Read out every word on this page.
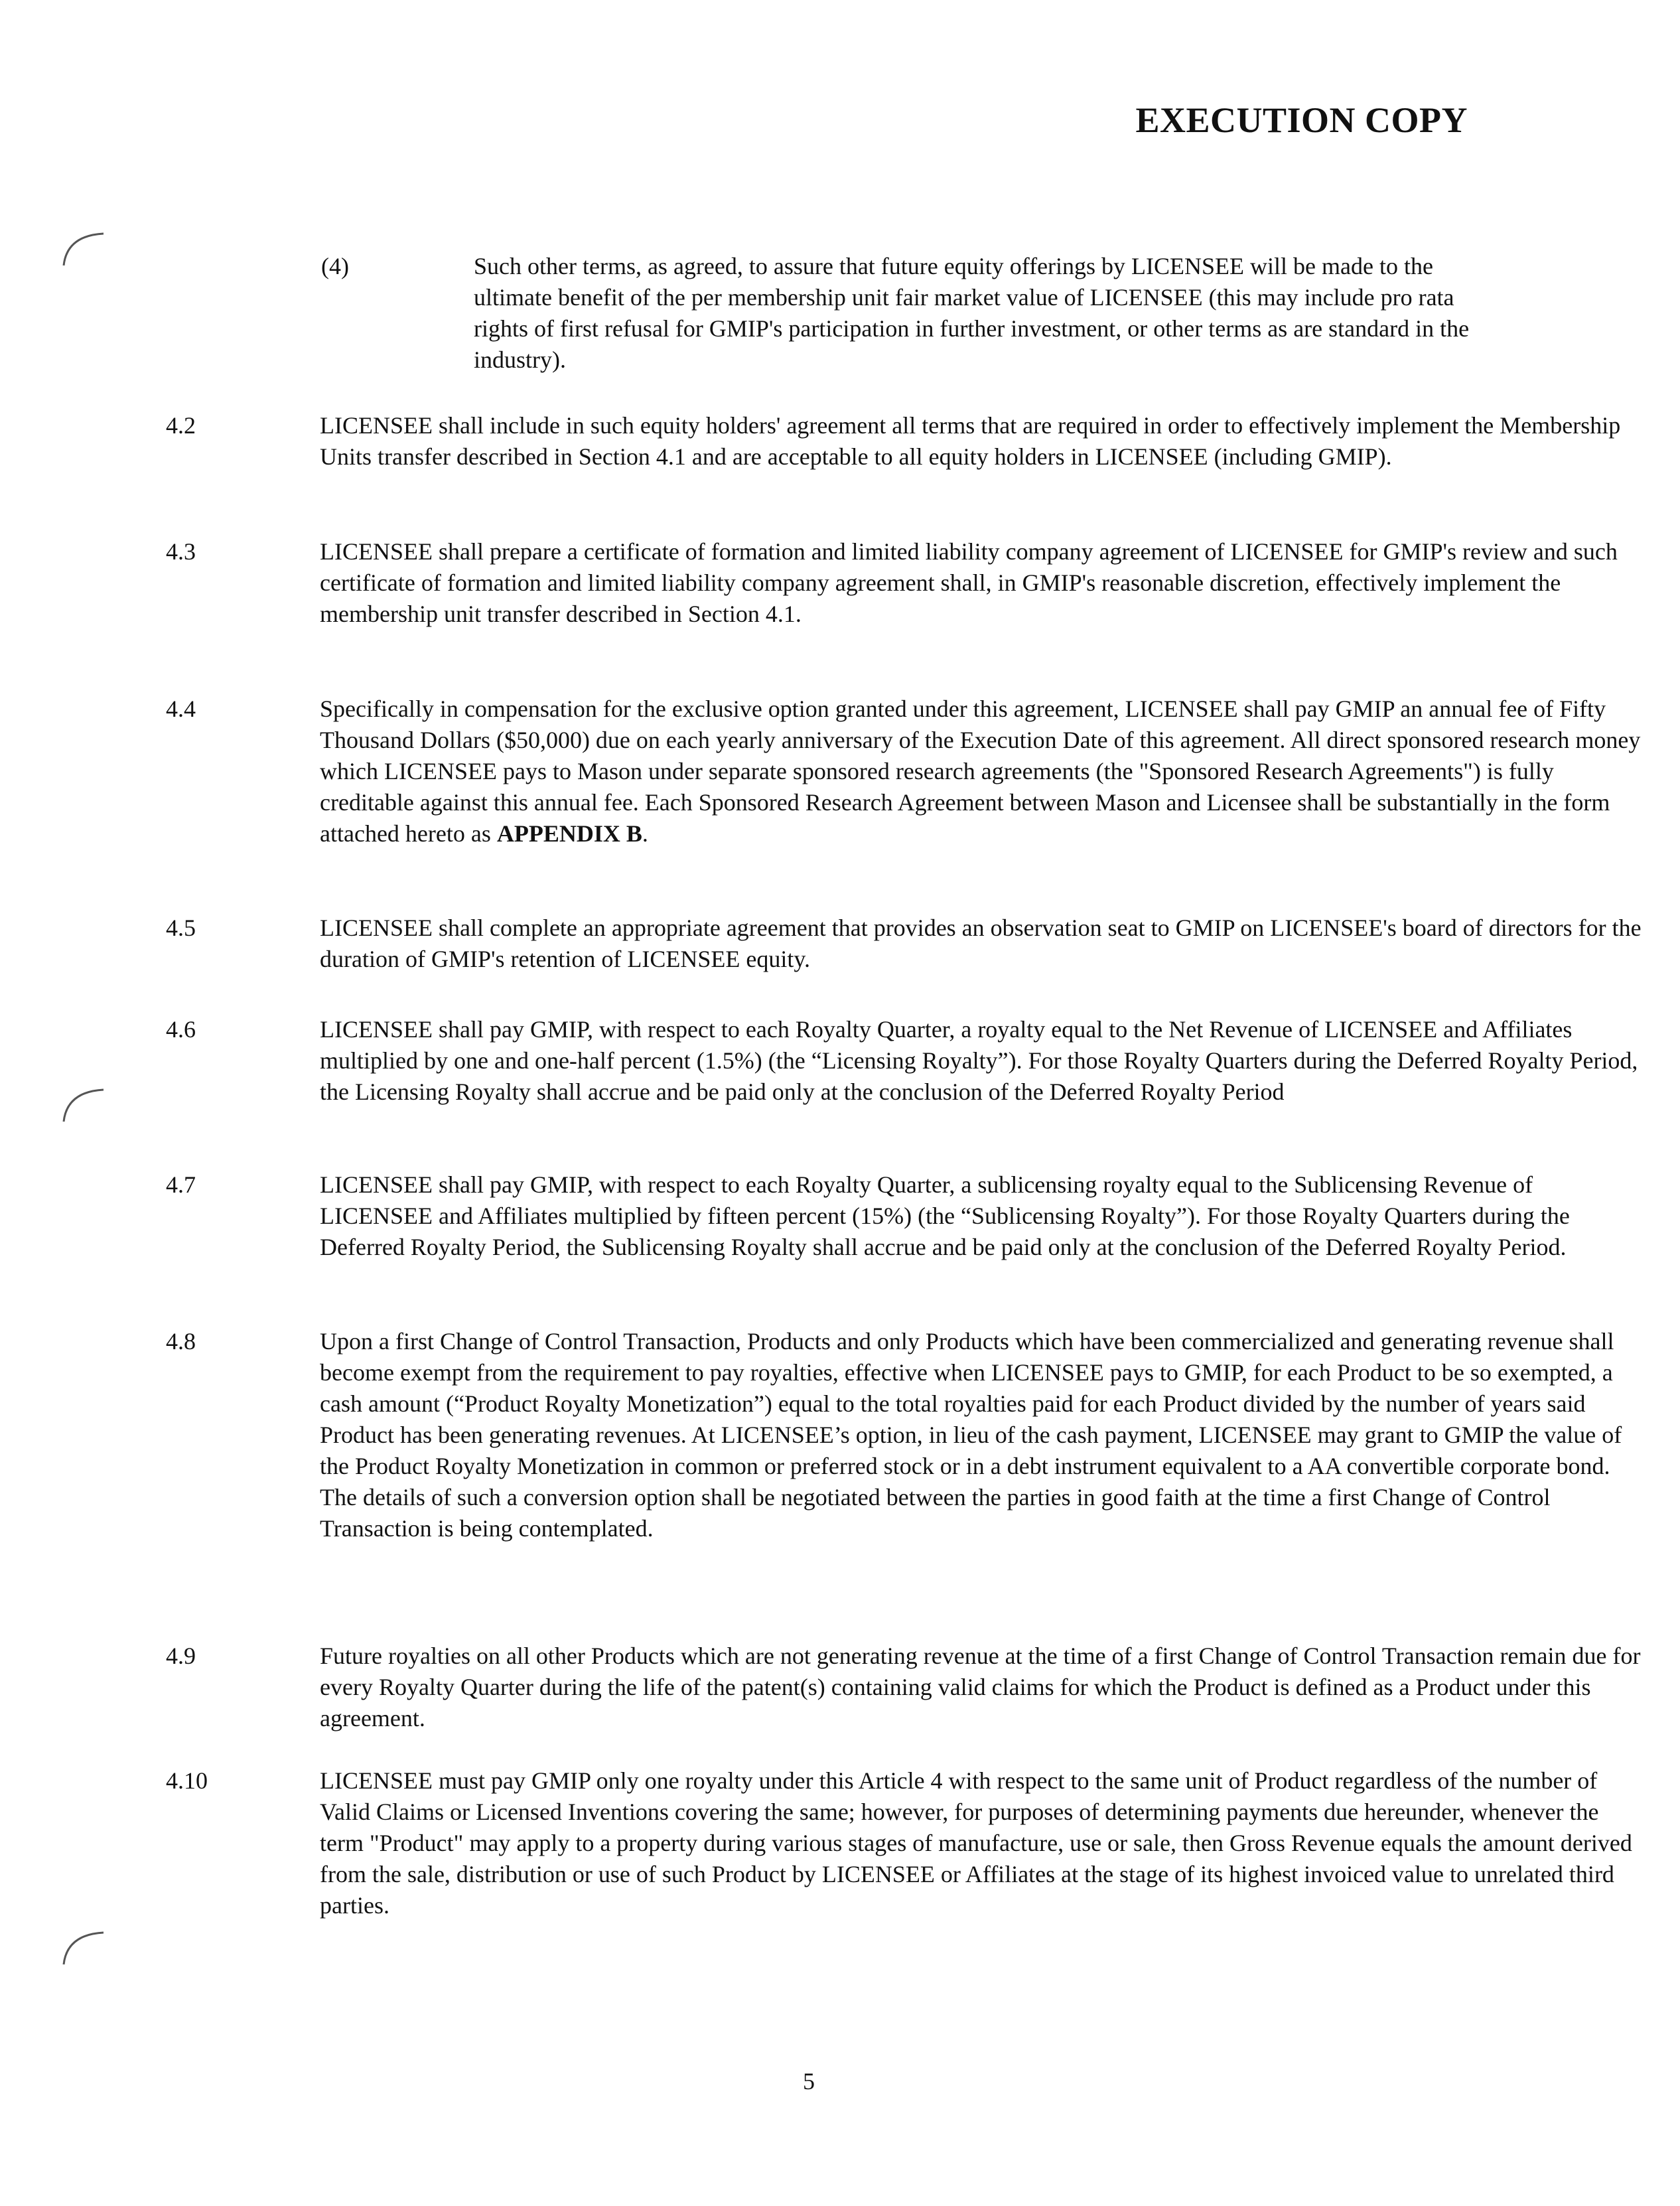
EXECUTION COPY
(4)	Such other terms, as agreed, to assure that future equity offerings by LICENSEE will be made to the ultimate benefit of the per membership unit fair market value of LICENSEE (this may include pro rata rights of first refusal for GMIP's participation in further investment, or other terms as are standard in the industry).
4.2	LICENSEE shall include in such equity holders' agreement all terms that are required in order to effectively implement the Membership Units transfer described in Section 4.1 and are acceptable to all equity holders in LICENSEE (including GMIP).
4.3	LICENSEE shall prepare a certificate of formation and limited liability company agreement of LICENSEE for GMIP's review and such certificate of formation and limited liability company agreement shall, in GMIP's reasonable discretion, effectively implement the membership unit transfer described in Section 4.1.
4.4	Specifically in compensation for the exclusive option granted under this agreement, LICENSEE shall pay GMIP an annual fee of Fifty Thousand Dollars ($50,000) due on each yearly anniversary of the Execution Date of this agreement. All direct sponsored research money which LICENSEE pays to Mason under separate sponsored research agreements (the "Sponsored Research Agreements") is fully creditable against this annual fee. Each Sponsored Research Agreement between Mason and Licensee shall be substantially in the form attached hereto as APPENDIX B.
4.5	LICENSEE shall complete an appropriate agreement that provides an observation seat to GMIP on LICENSEE's board of directors for the duration of GMIP's retention of LICENSEE equity.
4.6	LICENSEE shall pay GMIP, with respect to each Royalty Quarter, a royalty equal to the Net Revenue of LICENSEE and Affiliates multiplied by one and one-half percent (1.5%) (the “Licensing Royalty”). For those Royalty Quarters during the Deferred Royalty Period, the Licensing Royalty shall accrue and be paid only at the conclusion of the Deferred Royalty Period
4.7	LICENSEE shall pay GMIP, with respect to each Royalty Quarter, a sublicensing royalty equal to the Sublicensing Revenue of LICENSEE and Affiliates multiplied by fifteen percent (15%) (the “Sublicensing Royalty”). For those Royalty Quarters during the Deferred Royalty Period, the Sublicensing Royalty shall accrue and be paid only at the conclusion of the Deferred Royalty Period.
4.8	Upon a first Change of Control Transaction, Products and only Products which have been commercialized and generating revenue shall become exempt from the requirement to pay royalties, effective when LICENSEE pays to GMIP, for each Product to be so exempted, a cash amount (“Product Royalty Monetization”) equal to the total royalties paid for each Product divided by the number of years said Product has been generating revenues. At LICENSEE’s option, in lieu of the cash payment, LICENSEE may grant to GMIP the value of the Product Royalty Monetization in common or preferred stock or in a debt instrument equivalent to a AA convertible corporate bond. The details of such a conversion option shall be negotiated between the parties in good faith at the time a first Change of Control Transaction is being contemplated.
4.9	Future royalties on all other Products which are not generating revenue at the time of a first Change of Control Transaction remain due for every Royalty Quarter during the life of the patent(s) containing valid claims for which the Product is defined as a Product under this agreement.
4.10	LICENSEE must pay GMIP only one royalty under this Article 4 with respect to the same unit of Product regardless of the number of Valid Claims or Licensed Inventions covering the same; however, for purposes of determining payments due hereunder, whenever the term "Product" may apply to a property during various stages of manufacture, use or sale, then Gross Revenue equals the amount derived from the sale, distribution or use of such Product by LICENSEE or Affiliates at the stage of its highest invoiced value to unrelated third parties.
5
